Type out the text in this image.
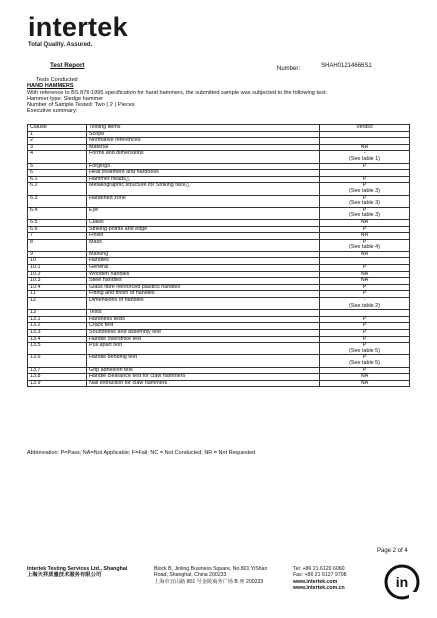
intertek
Total Quality. Assured.
Test Report	Number：	SHAH01214666S1
Tests Conducted
HAND HAMMERS
With reference to BS 876:1995 specification for hand hammers, the submitted sample was subjected to the following test:
Hammer type: Sledge hammer
Number of Sample Tested: Two ( 2 ) Pieces
Executive summary:
Clause	Testing items	Verdict
1	Scope	

2	Normative references	

3	Material	NR

4	Forms and dimensions	-
(See table 1)

5	Forgings	P

6	Heat treatment and hardness	

6.1	Hammer heads△	P

6.2	Metallographic structure for Striking face△	P
(See table 3)

6.3	Hardened zone	P
(See table 3)

6.4	Eye	P
(See table 3)

6.5	Claws	NA

6.6	Striking-points and edge	P

7	Finish	NR

8	Mass	P
(See table 4)

9	Marking	NR

10	Handles	

10.1	General	P

10.2	Wooden handles	NA

10.3	Steel handles	NA

10.4	Glass fibre reinforced plastics handles	P

11	Fitting and finish of handles	P

12	Dimensions of handles	-
(See table 2)

13	Tests	

13.1	Hardness tests	P

13.2	Crack test	P

13.3	Soundness and assembly test	P

13.4	Handle overstrike test	P

13.5	Pull apart test	P
(See table 5)

13.6	Handle bending test	P
(See table 5)

13.7	Grip adhesion test	P

13.8	Handle clearance test for claw hammers	NA

13.9	Nail extraction for claw hammers	NA
Abbreviation: P=Pass; NA=Not Applicable; F=Fail; NC = Not Conducted; NR = Not Requested
Page 2 of 4
Intertek Testing Services Ltd., Shanghai
上海天祥质量技术服务有限公司
Block B, Jinling Business Square, No.801 YiShan
Road, Shanghai, China 200233
上海市宜山路 801 号金陵商务广场 B 座 200233
Tel: +86 21 6120 6060
Fax: +86 21 6127 9708
www.intertek.com
www.intertek.com.cn	in
